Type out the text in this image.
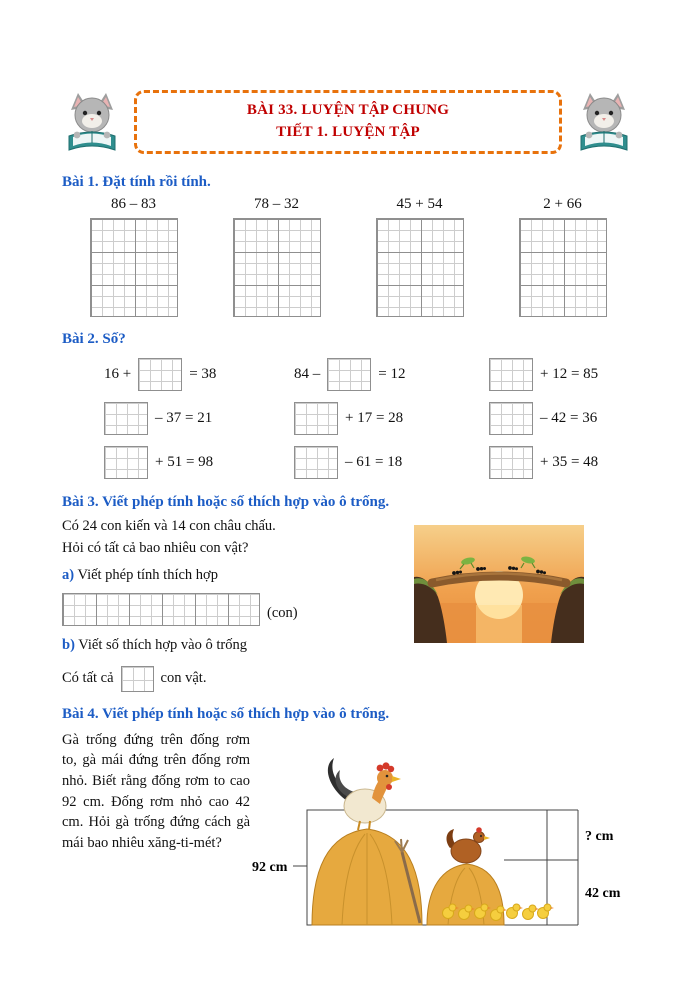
BÀI 33. LUYỆN TẬP CHUNG
TIẾT 1. LUYỆN TẬP
Bài 1. Đặt tính rồi tính.
86 – 83	78 – 32	45 + 54	2 + 66
Bài 2. Số?
16 +	= 38	84 –	= 12	+ 12 = 85
– 37 = 21	+ 17 = 28	– 42 = 36
+ 51 = 98	– 61 = 18	+ 35 = 48
Bài 3. Viết phép tính hoặc số thích hợp vào ô trống.
Có 24 con kiến và 14 con châu chấu.
Hỏi có tất cả bao nhiêu con vật?
a) Viết phép tính thích hợp
(con)
b) Viết số thích hợp vào ô trống
Có tất cả	con vật.
Bài 4. Viết phép tính hoặc số thích hợp vào ô trống.
Gà trống đứng trên đống rơm to, gà mái đứng trên đống rơm nhỏ. Biết rằng đống rơm to cao 92 cm. Đống rơm nhỏ cao 42 cm. Hỏi gà trống đứng cách gà mái bao nhiêu xăng-ti-mét?
92 cm
? cm
42 cm
